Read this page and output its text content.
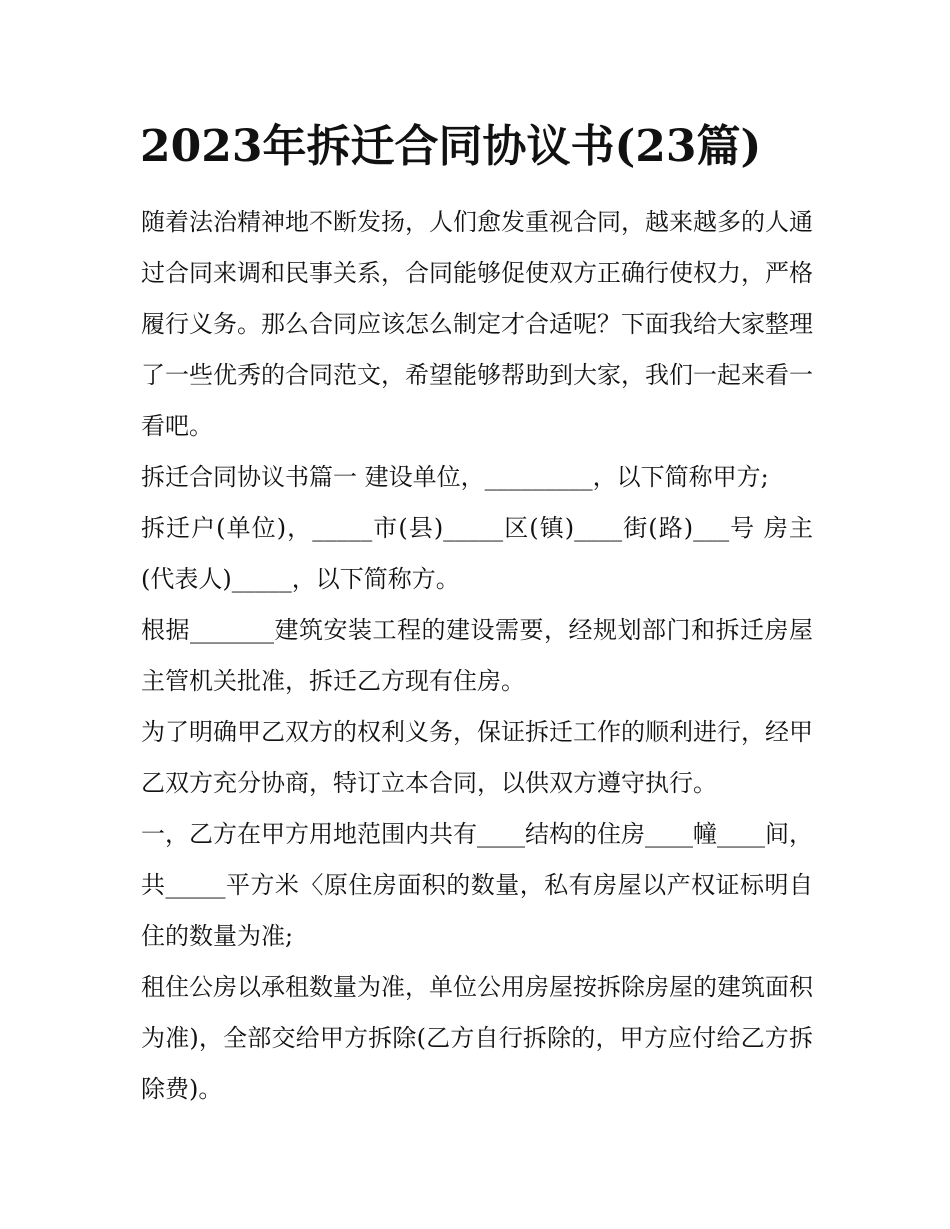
2023年拆迁合同协议书(23篇)

随着法治精神地不断发扬，人们愈发重视合同，越来越多的人通过合同来调和民事关系，合同能够促使双方正确行使权力，严格履行义务。那么合同应该怎么制定才合适呢？下面我给大家整理了一些优秀的合同范文，希望能够帮助到大家，我们一起来看一看吧。

拆迁合同协议书篇一 建设单位，_________，以下简称甲方;

拆迁户(单位)，_____市(县)_____区(镇)____街(路)___号 房主(代表人)_____，以下简称方。

根据_______建筑安装工程的建设需要，经规划部门和拆迁房屋主管机关批准，拆迁乙方现有住房。

为了明确甲乙双方的权利义务，保证拆迁工作的顺利进行，经甲乙双方充分协商，特订立本合同，以供双方遵守执行。

一，乙方在甲方用地范围内共有____结构的住房____幢____间，共_____平方米〈原住房面积的数量，私有房屋以产权证标明自住的数量为准;

租住公房以承租数量为准，单位公用房屋按拆除房屋的建筑面积为准)，全部交给甲方拆除(乙方自行拆除的，甲方应付给乙方拆除费)。
